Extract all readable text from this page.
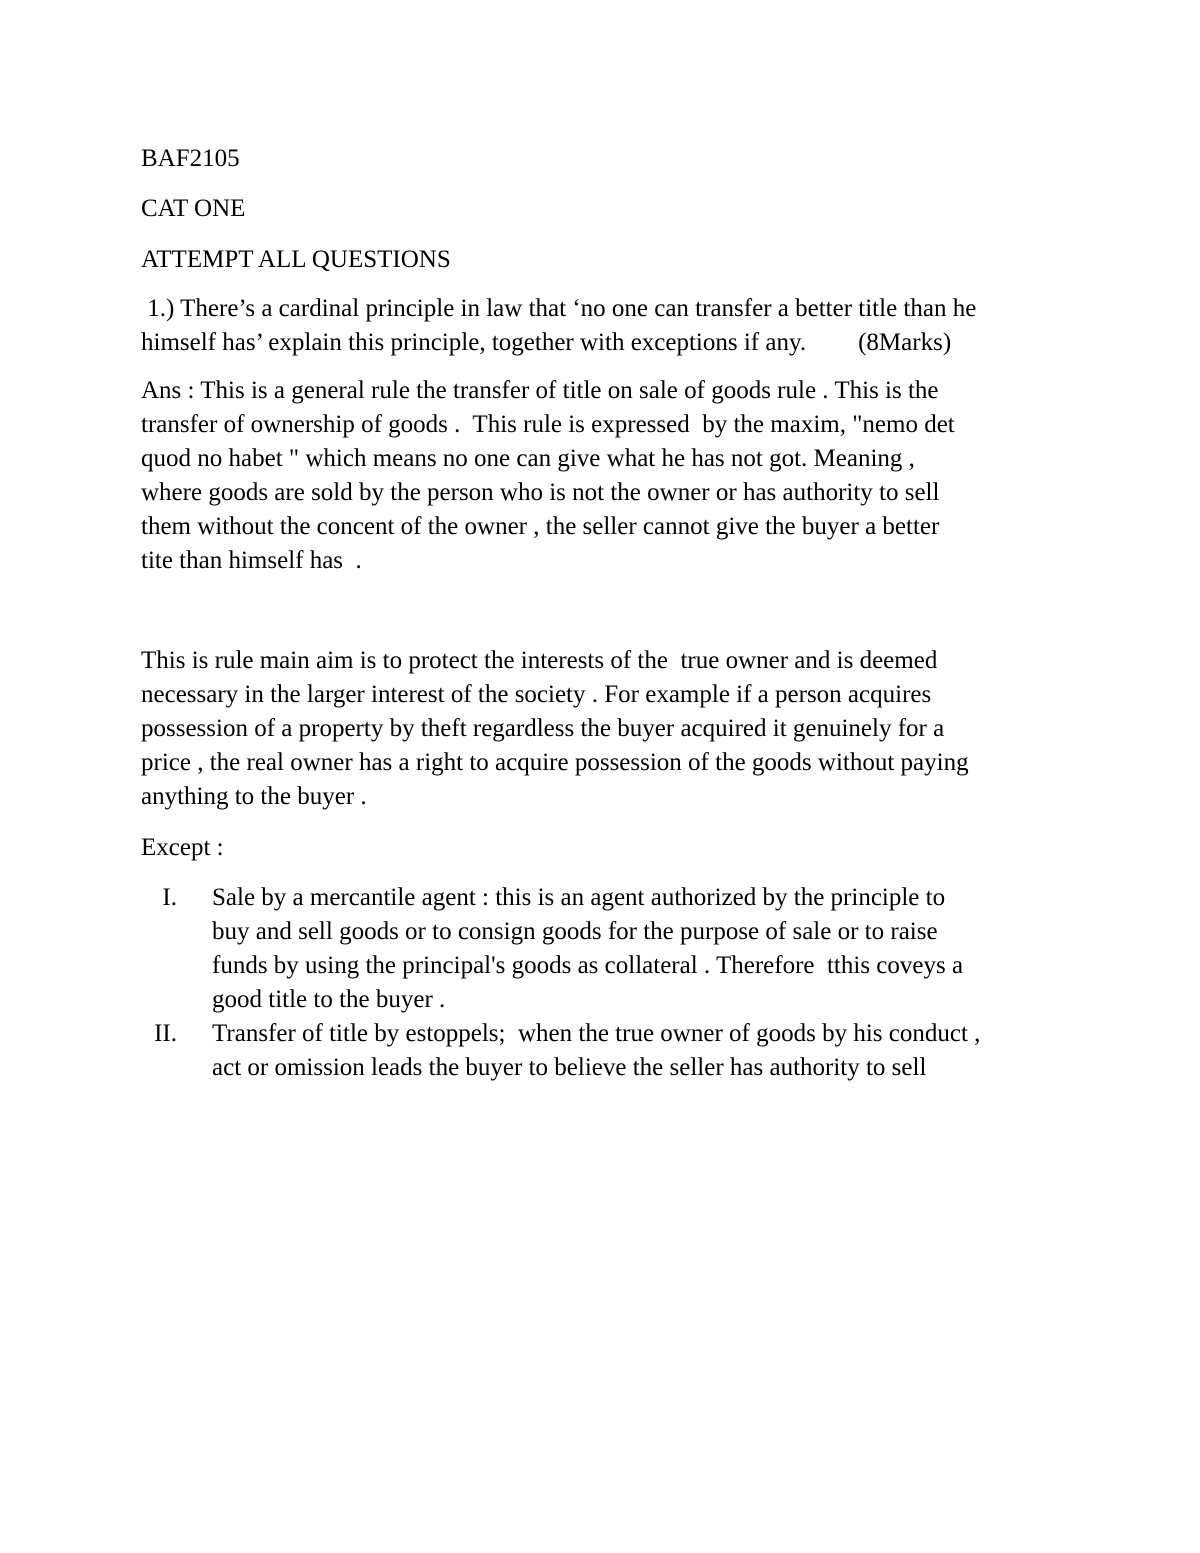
BAF2105
CAT ONE
ATTEMPT ALL QUESTIONS
1.) There’s a cardinal principle in law that ‘no one can transfer a better title than he
himself has’ explain this principle, together with exceptions if any. (8Marks)
Ans : This is a general rule the transfer of title on sale of goods rule . This is the
transfer of ownership of goods .  This rule is expressed  by the maxim, "nemo det
quod no habet " which means no one can give what he has not got. Meaning ,
where goods are sold by the person who is not the owner or has authority to sell
them without the concent of the owner , the seller cannot give the buyer a better
tite than himself has  .
This is rule main aim is to protect the interests of the  true owner and is deemed
necessary in the larger interest of the society . For example if a person acquires
possession of a property by theft regardless the buyer acquired it genuinely for a
price , the real owner has a right to acquire possession of the goods without paying
anything to the buyer .
Except :
I. Sale by a mercantile agent : this is an agent authorized by the principle to
buy and sell goods or to consign goods for the purpose of sale or to raise
funds by using the principal's goods as collateral . Therefore  tthis coveys a
good title to the buyer .
II. Transfer of title by estoppels;  when the true owner of goods by his conduct ,
act or omission leads the buyer to believe the seller has authority to sell
